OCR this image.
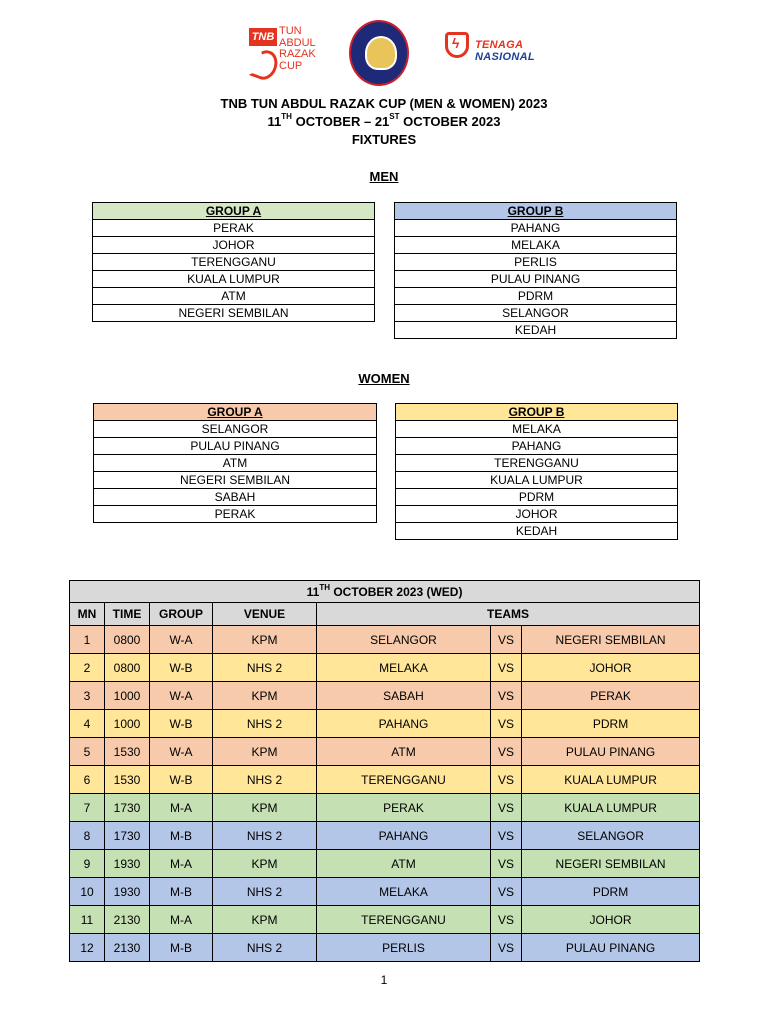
TNB TUN
ABDUL
RAZAK
CUP
ϟ TENAGA
NASIONAL
TNB TUN ABDUL RAZAK CUP (MEN & WOMEN) 2023
11TH OCTOBER – 21ST OCTOBER 2023
FIXTURES
MEN
GROUP A
PERAK
JOHOR
TERENGGANU
KUALA LUMPUR
ATM
NEGERI SEMBILAN
GROUP B
PAHANG
MELAKA
PERLIS
PULAU PINANG
PDRM
SELANGOR
KEDAH
WOMEN
GROUP A
SELANGOR
PULAU PINANG
ATM
NEGERI SEMBILAN
SABAH
PERAK
GROUP B
MELAKA
PAHANG
TERENGGANU
KUALA LUMPUR
PDRM
JOHOR
KEDAH
11TH OCTOBER 2023 (WED)						
MN	TIME	GROUP	VENUE	TEAMS		
1	0800	W-A	KPM	SELANGOR	VS	NEGERI SEMBILAN
2	0800	W-B	NHS 2	MELAKA	VS	JOHOR
3	1000	W-A	KPM	SABAH	VS	PERAK
4	1000	W-B	NHS 2	PAHANG	VS	PDRM
5	1530	W-A	KPM	ATM	VS	PULAU PINANG
6	1530	W-B	NHS 2	TERENGGANU	VS	KUALA LUMPUR
7	1730	M-A	KPM	PERAK	VS	KUALA LUMPUR
8	1730	M-B	NHS 2	PAHANG	VS	SELANGOR
9	1930	M-A	KPM	ATM	VS	NEGERI SEMBILAN
10	1930	M-B	NHS 2	MELAKA	VS	PDRM
11	2130	M-A	KPM	TERENGGANU	VS	JOHOR
12	2130	M-B	NHS 2	PERLIS	VS	PULAU PINANG
1
